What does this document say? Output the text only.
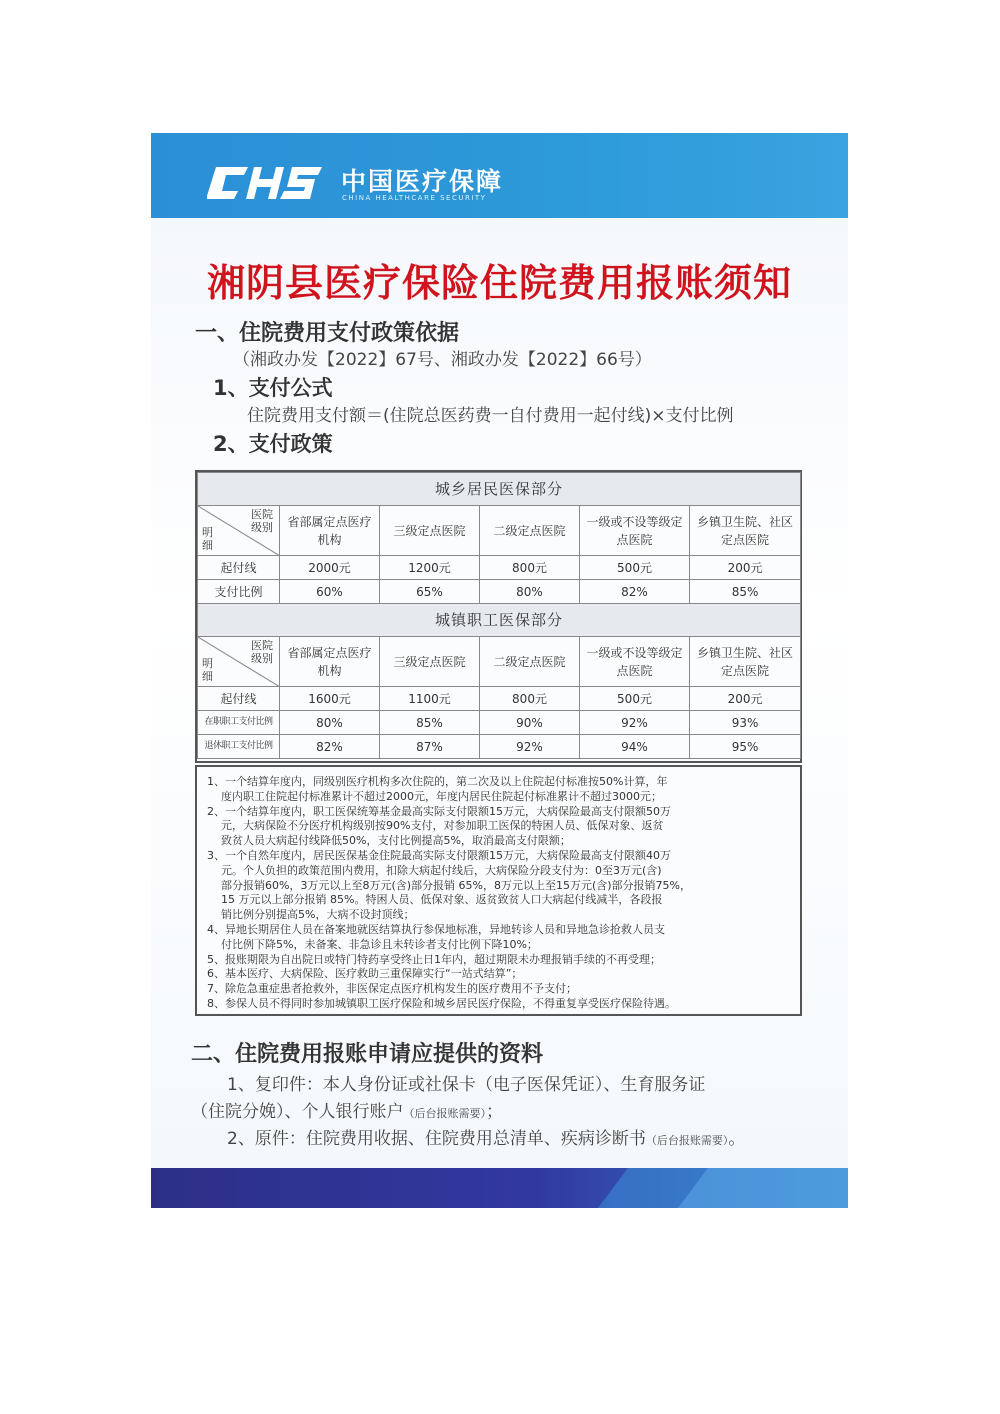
中国医疗保障
CHINA HEALTHCARE SECURITY
湘阴县医疗保险住院费用报账须知
一、住院费用支付政策依据
（湘政办发【2022】67号、湘政办发【2022】66号）
1、支付公式
住院费用支付额＝(住院总医药费一自付费用一起付线)×支付比例
2、支付政策
城乡居民医保部分					

医院
级别
明
细	省部属定点医疗机构	三级定点医院	二级定点医院	一级或不设等级定点医院	乡镇卫生院、社区定点医院
起付线	2000元	1200元	800元	500元	200元
支付比例	60%	65%	80%	82%	85%
城镇职工医保部分					

医院
级别
明
细	省部属定点医疗机构	三级定点医院	二级定点医院	一级或不设等级定点医院	乡镇卫生院、社区定点医院
起付线	1600元	1100元	800元	500元	200元
在职职工支付比例	80%	85%	90%	92%	93%
退休职工支付比例	82%	87%	92%	94%	95%
1、一个结算年度内，同级别医疗机构多次住院的，第二次及以上住院起付标准按50%计算，年
度内职工住院起付标准累计不超过2000元，年度内居民住院起付标准累计不超过3000元；
2、一个结算年度内，职工医保统筹基金最高实际支付限额15万元，大病保险最高支付限额50万
元，大病保险不分医疗机构级别按90%支付，对参加职工医保的特困人员、低保对象、返贫
致贫人员大病起付线降低50%，支付比例提高5%，取消最高支付限额；
3、一个自然年度内，居民医保基金住院最高实际支付限额15万元，大病保险最高支付限额40万
元。个人负担的政策范围内费用，扣除大病起付线后，大病保险分段支付为：0至3万元(含)
部分报销60%，3万元以上至8万元(含)部分报销 65%，8万元以上至15万元(含)部分报销75%，
15 万元以上部分报销 85%。特困人员、低保对象、返贫致贫人口大病起付线减半，各段报
销比例分别提高5%，大病不设封顶线；
4、异地长期居住人员在备案地就医结算执行参保地标准，异地转诊人员和异地急诊抢救人员支
付比例下降5%，未备案、非急诊且未转诊者支付比例下降10%；
5、报账期限为自出院日或特门特药享受终止日1年内，超过期限未办理报销手续的不再受理；
6、基本医疗、大病保险、医疗救助三重保障实行“一站式结算”；
7、除危急重症患者抢救外，非医保定点医疗机构发生的医疗费用不予支付；
8、参保人员不得同时参加城镇职工医疗保险和城乡居民医疗保险，不得重复享受医疗保险待遇。
二、住院费用报账申请应提供的资料
1、复印件：本人身份证或社保卡（电子医保凭证）、生育服务证
（住院分娩）、个人银行账户（后台报账需要）；
2、原件：住院费用收据、住院费用总清单、疾病诊断书（后台报账需要）。
